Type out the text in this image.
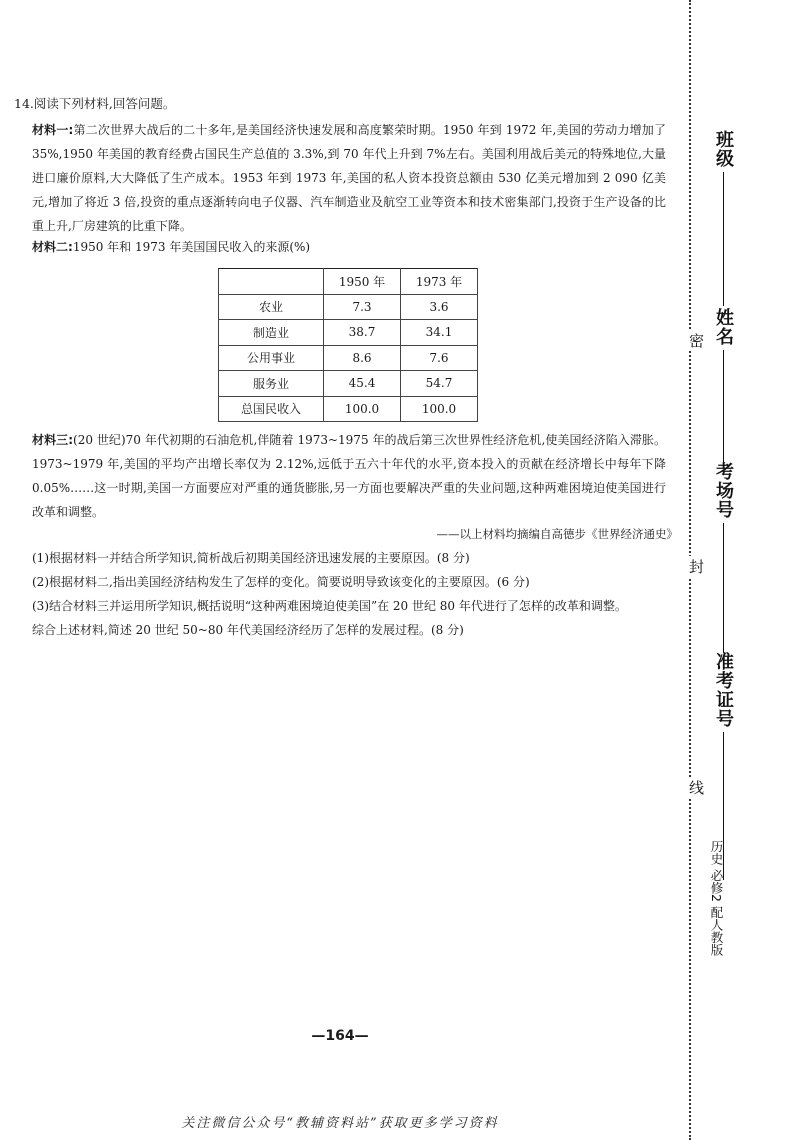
14.阅读下列材料,回答问题。
材料一:第二次世界大战后的二十多年,是美国经济快速发展和高度繁荣时期。1950 年到 1972 年,美国的劳动力增加了 35%,1950 年美国的教育经费占国民生产总值的 3.3%,到 70 年代上升到 7%左右。美国利用战后美元的特殊地位,大量进口廉价原料,大大降低了生产成本。1953 年到 1973 年,美国的私人资本投资总额由 530 亿美元增加到 2 090 亿美元,增加了将近 3 倍,投资的重点逐渐转向电子仪器、汽车制造业及航空工业等资本和技术密集部门,投资于生产设备的比重上升,厂房建筑的比重下降。
材料二:1950 年和 1973 年美国国民收入的来源(%)
	1950 年	1973 年
农业	7.3	3.6
制造业	38.7	34.1
公用事业	8.6	7.6
服务业	45.4	54.7
总国民收入	100.0	100.0
材料三:(20 世纪)70 年代初期的石油危机,伴随着 1973~1975 年的战后第三次世界性经济危机,使美国经济陷入滞胀。1973~1979 年,美国的平均产出增长率仅为 2.12%,远低于五六十年代的水平,资本投入的贡献在经济增长中每年下降 0.05%……这一时期,美国一方面要应对严重的通货膨胀,另一方面也要解决严重的失业问题,这种两难困境迫使美国进行改革和调整。
——以上材料均摘编自高德步《世界经济通史》
(1)根据材料一并结合所学知识,简析战后初期美国经济迅速发展的主要原因。(8 分)
(2)根据材料二,指出美国经济结构发生了怎样的变化。简要说明导致该变化的主要原因。(6 分)
(3)结合材料三并运用所学知识,概括说明“这种两难困境迫使美国”在 20 世纪 80 年代进行了怎样的改革和调整。
综合上述材料,简述 20 世纪 50~80 年代美国经济经历了怎样的发展过程。(8 分)
—164—
关注微信公众号“教辅资料站”获取更多学习资料
班级
姓名
考场号
准考证号
密
封
线
历史 必修2 配人教版
